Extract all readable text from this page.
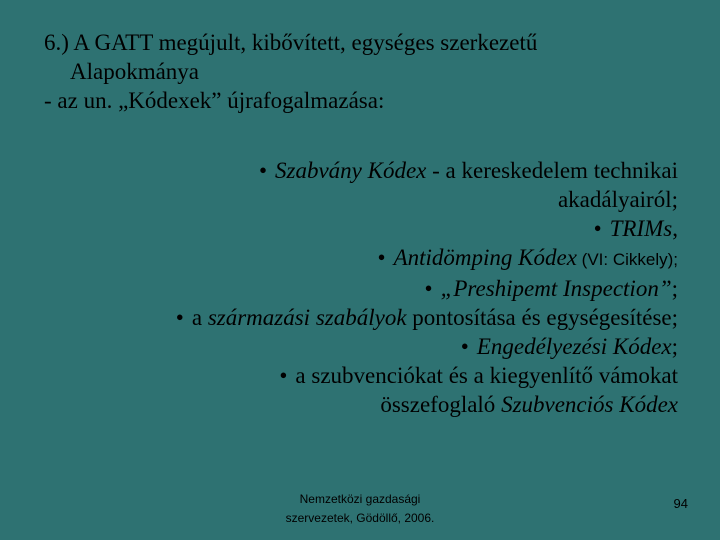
6.) A GATT megújult, kibővített, egységes szerkezetű
Alapokmánya
- az un. „Kódexek” újrafogalmazása:
• Szabvány Kódex - a kereskedelem technikai
akadályairól;
• TRIMs,
• Antidömping Kódex (VI: Cikkely);
• „Preshipemt Inspection”;
• a származási szabályok pontosítása és egységesítése;
• Engedélyezési Kódex;
• a szubvenciókat és a kiegyenlítő vámokat
összefoglaló Szubvenciós Kódex
Nemzetközi gazdasági
szervezetek, Gödöllő, 2006.
94
